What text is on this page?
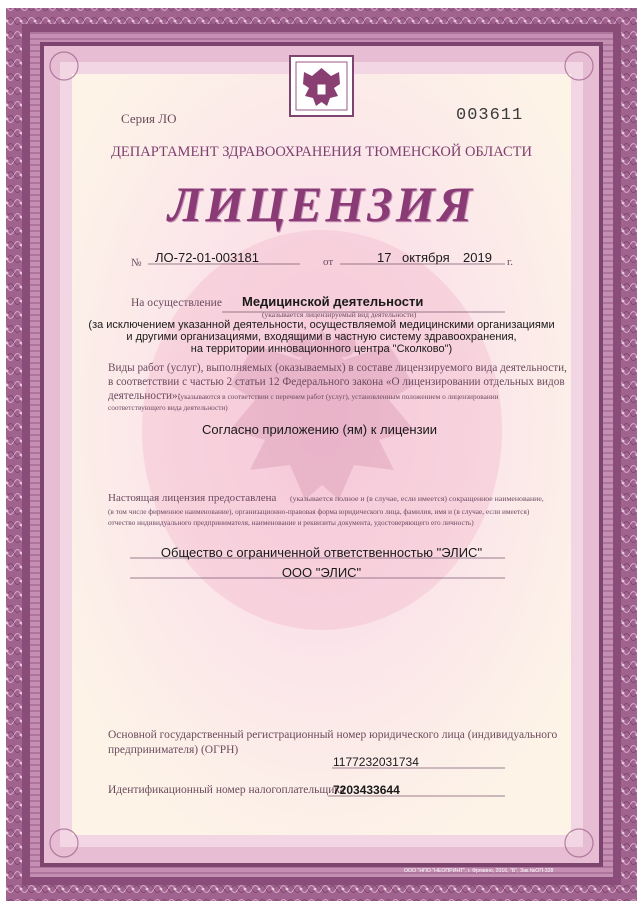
Серия ЛО	003611
ДЕПАРТАМЕНТ ЗДРАВООХРАНЕНИЯ ТЮМЕНСКОЙ ОБЛАСТИ
ЛИЦЕНЗИЯ
№ ЛО-72-01-003181	от	17 октября 2019 г.
На осуществление Медицинской деятельности
(указывается лицензируемый вид деятельности)
(за исключением указанной деятельности, осуществляемой медицинскими организациями
и другими организациями, входящими в частную систему здравоохранения,
на территории инновационного центра "Сколково")
Виды работ (услуг), выполняемых (оказываемых) в составе лицензируемого вида деятельности,
в соответствии с частью 2 статьи 12 Федерального закона «О лицензировании отдельных видов
деятельности»:
(указываются в соответствии с перечнем работ (услуг), установленным положением о лицензировании
соответствующего вида деятельности)
Согласно приложению (ям) к лицензии
Настоящая лицензия предоставлена (указывается полное и (в случае, если имеется) сокращенное наименование,
(в том числе фирменное наименование), организационно-правовая форма юридического лица, фамилия, имя и (в случае, если имеется)
отчество индивидуального предпринимателя, наименование и реквизиты документа, удостоверяющего его личность)
Общество с ограниченной ответственностью "ЭЛИС"
ООО "ЭЛИС"
Основной государственный регистрационный номер юридического лица (индивидуального
предпринимателя) (ОГРН)
1177232031734
Идентификационный номер налогоплательщика
7203433644
ООО "НПО "НЕОПРИНТ", г. Фрязино, 2016, "Б", Зак.№ОП-328
